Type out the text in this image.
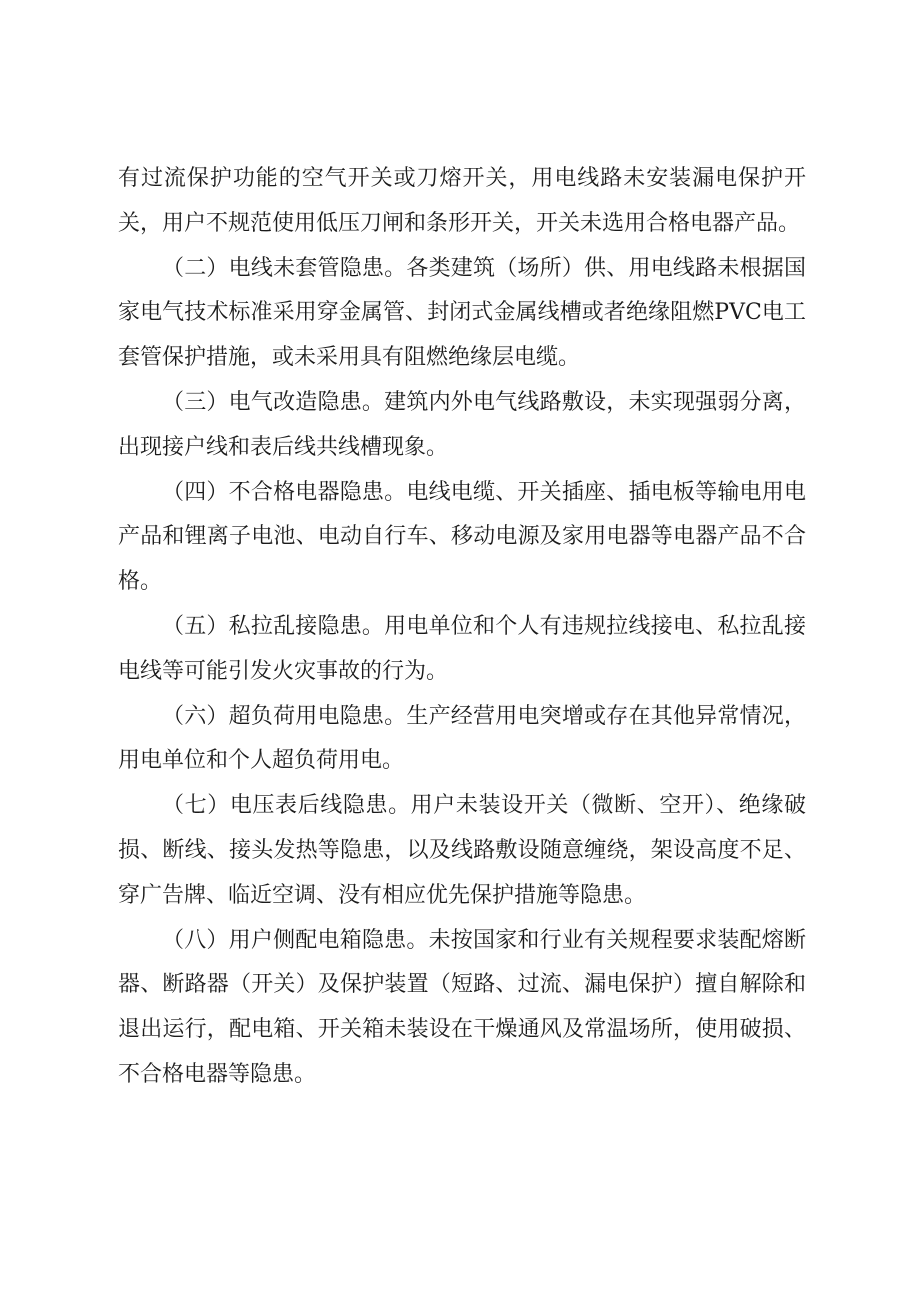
有过流保护功能的空气开关或刀熔开关，用电线路未安装漏电保护开关，用户不规范使用低压刀闸和条形开关，开关未选用合格电器产品。

（二）电线未套管隐患。各类建筑（场所）供、用电线路未根据国家电气技术标准采用穿金属管、封闭式金属线槽或者绝缘阻燃PVC电工套管保护措施，或未采用具有阻燃绝缘层电缆。

（三）电气改造隐患。建筑内外电气线路敷设，未实现强弱分离，出现接户线和表后线共线槽现象。

（四）不合格电器隐患。电线电缆、开关插座、插电板等输电用电产品和锂离子电池、电动自行车、移动电源及家用电器等电器产品不合格。

（五）私拉乱接隐患。用电单位和个人有违规拉线接电、私拉乱接电线等可能引发火灾事故的行为。

（六）超负荷用电隐患。生产经营用电突增或存在其他异常情况，用电单位和个人超负荷用电。

（七）电压表后线隐患。用户未装设开关（微断、空开）、绝缘破损、断线、接头发热等隐患，以及线路敷设随意缠绕，架设高度不足、穿广告牌、临近空调、没有相应优先保护措施等隐患。

（八）用户侧配电箱隐患。未按国家和行业有关规程要求装配熔断器、断路器（开关）及保护装置（短路、过流、漏电保护）擅自解除和退出运行，配电箱、开关箱未装设在干燥通风及常温场所，使用破损、不合格电器等隐患。
